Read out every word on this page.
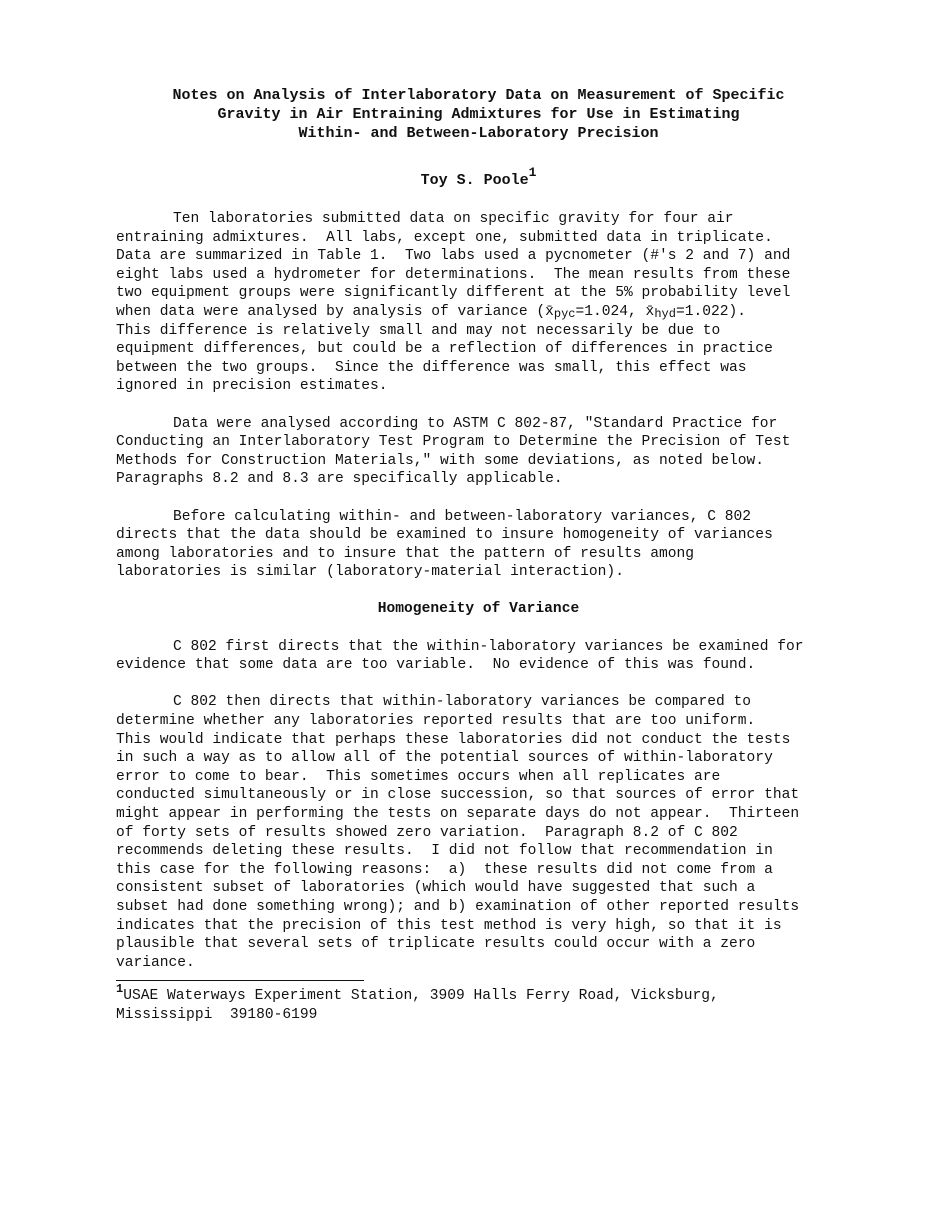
Notes on Analysis of Interlaboratory Data on Measurement of Specific
Gravity in Air Entraining Admixtures for Use in Estimating
Within- and Between-Laboratory Precision
Toy S. Poole$^1$

Ten laboratories submitted data on specific gravity for four air
entraining admixtures.  All labs, except one, submitted data in triplicate.
Data are summarized in Table 1.  Two labs used a pycnometer (#'s 2 and 7) and
eight labs used a hydrometer for determinations.  The mean results from these
two equipment groups were significantly different at the 5% probability level
when data were analysed by analysis of variance ($x̄_{pyc}=1.024$, $x̄_{hyd}=1.022$).
This difference is relatively small and may not necessarily be due to
equipment differences, but could be a reflection of differences in practice
between the two groups.  Since the difference was small, this effect was
ignored in precision estimates.

Data were analysed according to ASTM C 802-87, "Standard Practice for
Conducting an Interlaboratory Test Program to Determine the Precision of Test
Methods for Construction Materials," with some deviations, as noted below.
Paragraphs 8.2 and 8.3 are specifically applicable.

Before calculating within- and between-laboratory variances, C 802
directs that the data should be examined to insure homogeneity of variances
among laboratories and to insure that the pattern of results among
laboratories is similar (laboratory-material interaction).

Homogeneity of Variance

C 802 first directs that the within-laboratory variances be examined for
evidence that some data are too variable.  No evidence of this was found.

C 802 then directs that within-laboratory variances be compared to
determine whether any laboratories reported results that are too uniform.
This would indicate that perhaps these laboratories did not conduct the tests
in such a way as to allow all of the potential sources of within-laboratory
error to come to bear.  This sometimes occurs when all replicates are
conducted simultaneously or in close succession, so that sources of error that
might appear in performing the tests on separate days do not appear.  Thirteen
of forty sets of results showed zero variation.  Paragraph 8.2 of C 802
recommends deleting these results.  I did not follow that recommendation in
this case for the following reasons:  a)  these results did not come from a
consistent subset of laboratories (which would have suggested that such a
subset had done something wrong); and b) examination of other reported results
indicates that the precision of this test method is very high, so that it is
plausible that several sets of triplicate results could occur with a zero
variance.

$^1$USAE Waterways Experiment Station, 3909 Halls Ferry Road, Vicksburg,
Mississippi  39180-6199
